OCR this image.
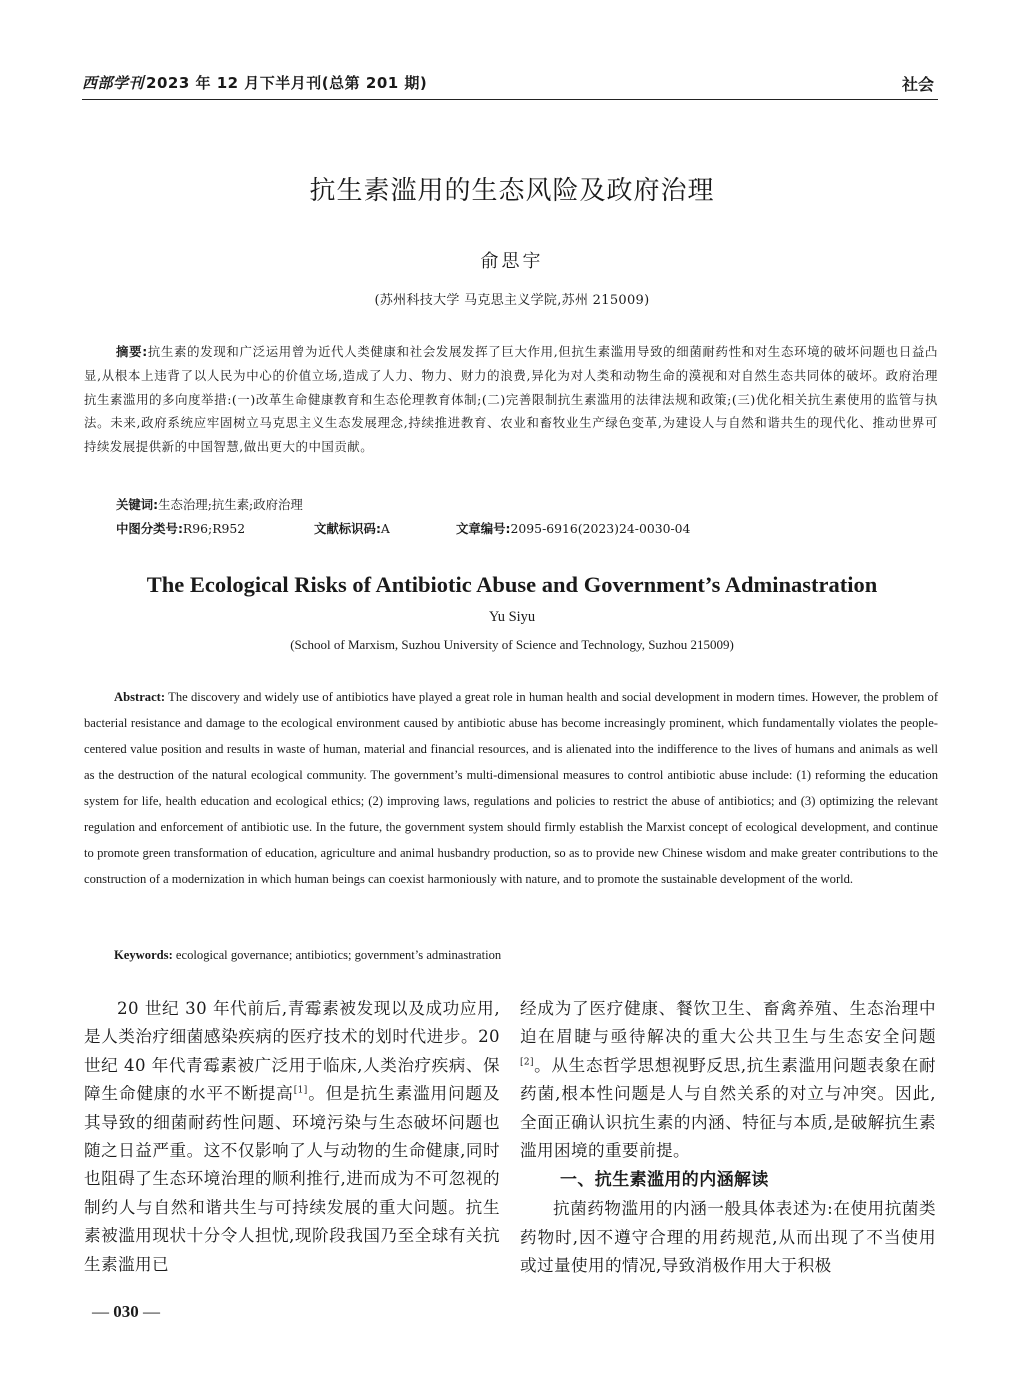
西部学刊 2023 年 12 月下半月刊(总第 201 期)	社会
抗生素滥用的生态风险及政府治理
俞思宇
(苏州科技大学 马克思主义学院,苏州 215009)
摘要:抗生素的发现和广泛运用曾为近代人类健康和社会发展发挥了巨大作用,但抗生素滥用导致的细菌耐药性和对生态环境的破坏问题也日益凸显,从根本上违背了以人民为中心的价值立场,造成了人力、物力、财力的浪费,异化为对人类和动物生命的漠视和对自然生态共同体的破坏。政府治理抗生素滥用的多向度举措:(一)改革生命健康教育和生态伦理教育体制;(二)完善限制抗生素滥用的法律法规和政策;(三)优化相关抗生素使用的监管与执法。未来,政府系统应牢固树立马克思主义生态发展理念,持续推进教育、农业和畜牧业生产绿色变革,为建设人与自然和谐共生的现代化、推动世界可持续发展提供新的中国智慧,做出更大的中国贡献。
关键词:生态治理;抗生素;政府治理
中图分类号:R96;R952	文献标识码:A	文章编号:2095-6916(2023)24-0030-04
The Ecological Risks of Antibiotic Abuse and Government’s Adminastration
Yu Siyu
(School of Marxism, Suzhou University of Science and Technology, Suzhou 215009)
Abstract: The discovery and widely use of antibiotics have played a great role in human health and social development in modern times. However, the problem of bacterial resistance and damage to the ecological environment caused by antibiotic abuse has become increasingly prominent, which fundamentally violates the people-centered value position and results in waste of human, material and financial resources, and is alienated into the indifference to the lives of humans and animals as well as the destruction of the natural ecological community. The government’s multi-dimensional measures to control antibiotic abuse include: (1) reforming the education system for life, health education and ecological ethics; (2) improving laws, regulations and policies to restrict the abuse of antibiotics; and (3) optimizing the relevant regulation and enforcement of antibiotic use. In the future, the government system should firmly establish the Marxist concept of ecological development, and continue to promote green transformation of education, agriculture and animal husbandry production, so as to provide new Chinese wisdom and make greater contributions to the construction of a modernization in which human beings can coexist harmoniously with nature, and to promote the sustainable development of the world.
Keywords: ecological governance; antibiotics; government’s adminastration

20 世纪 30 年代前后,青霉素被发现以及成功应用,是人类治疗细菌感染疾病的医疗技术的划时代进步。20 世纪 40 年代青霉素被广泛用于临床,人类治疗疾病、保障生命健康的水平不断提高[1]。但是抗生素滥用问题及其导致的细菌耐药性问题、环境污染与生态破坏问题也随之日益严重。这不仅影响了人与动物的生命健康,同时也阻碍了生态环境治理的顺利推行,进而成为不可忽视的制约人与自然和谐共生与可持续发展的重大问题。抗生素被滥用现状十分令人担忧,现阶段我国乃至全球有关抗生素滥用已

经成为了医疗健康、餐饮卫生、畜禽养殖、生态治理中迫在眉睫与亟待解决的重大公共卫生与生态安全问题[2]。从生态哲学思想视野反思,抗生素滥用问题表象在耐药菌,根本性问题是人与自然关系的对立与冲突。因此,全面正确认识抗生素的内涵、特征与本质,是破解抗生素滥用困境的重要前提。

一、抗生素滥用的内涵解读

抗菌药物滥用的内涵一般具体表述为:在使用抗菌类药物时,因不遵守合理的用药规范,从而出现了不当使用或过量使用的情况,导致消极作用大于积极

— 030 —
